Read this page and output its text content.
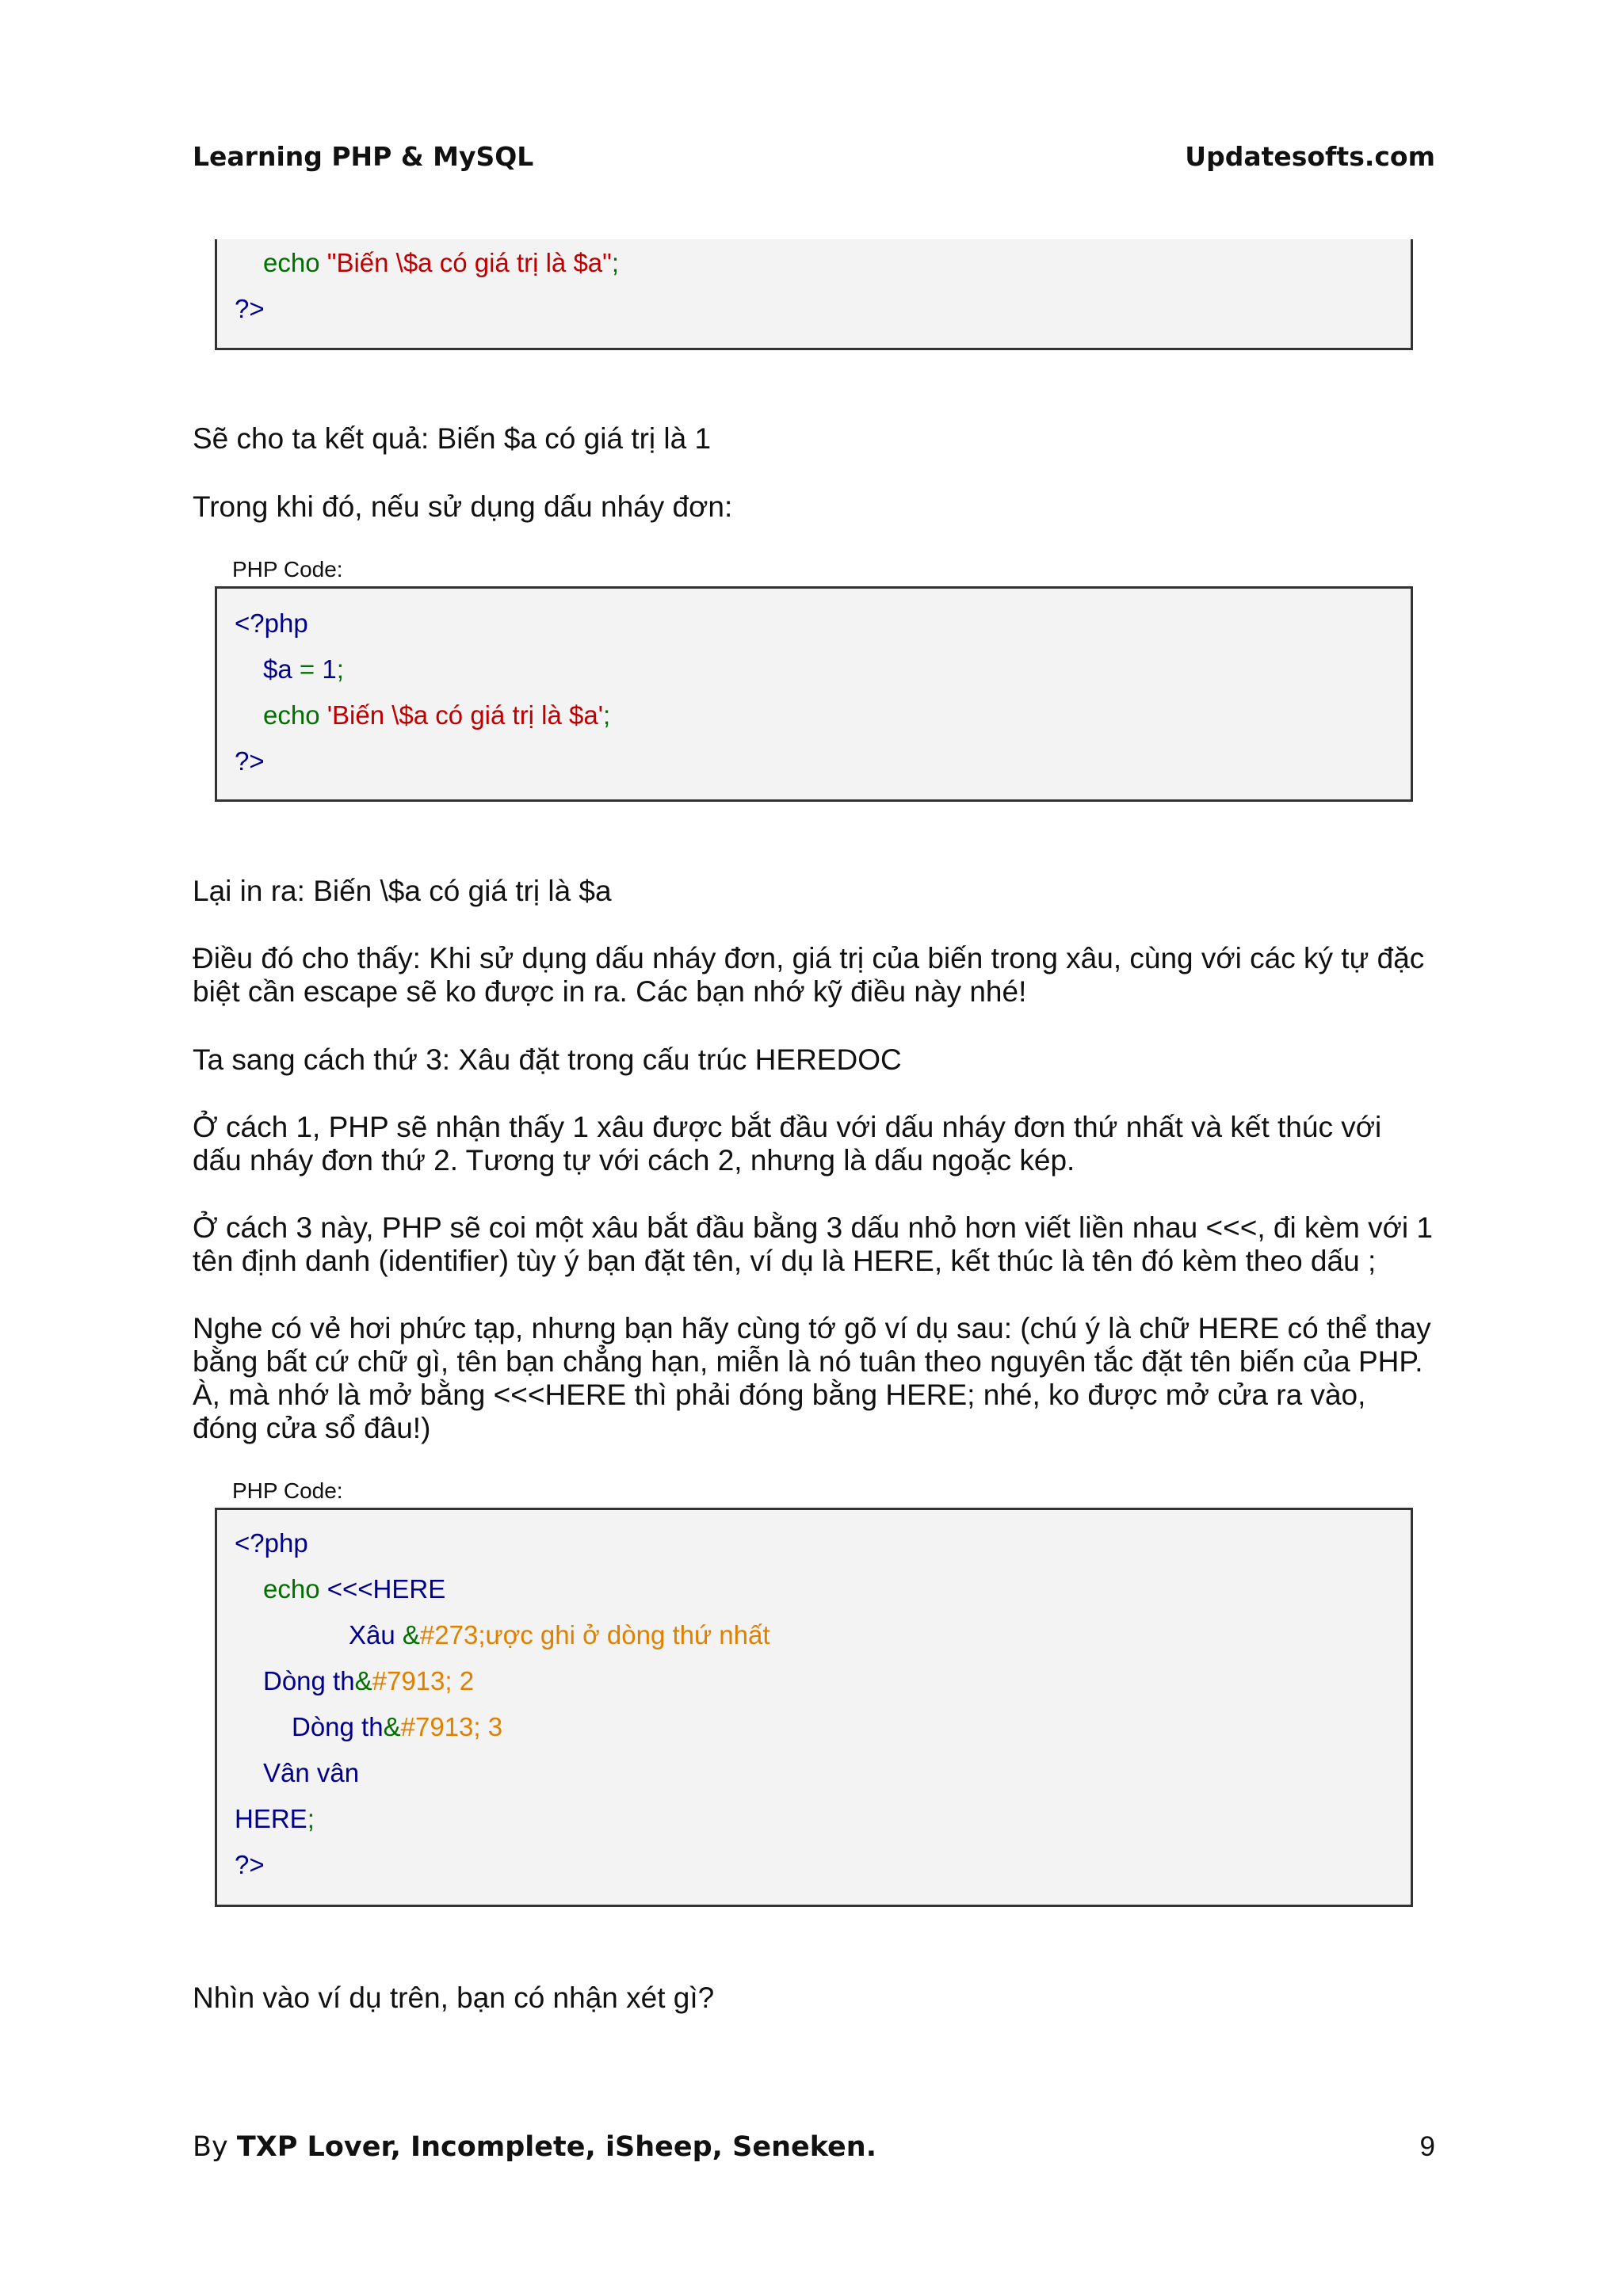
Learning PHP & MySQL	Updatesofts.com
echo "Biến \$a có giá trị là $a";
?>
Sẽ cho ta kết quả: Biến $a có giá trị là 1
Trong khi đó, nếu sử dụng dấu nháy đơn:
PHP Code:
<?php
$a = 1;
echo 'Biến \$a có giá trị là $a';
?>
Lại in ra: Biến \$a có giá trị là $a
Điều đó cho thấy: Khi sử dụng dấu nháy đơn, giá trị của biến trong xâu, cùng với các ký tự đặc biệt cần escape sẽ ko được in ra. Các bạn nhớ kỹ điều này nhé!
Ta sang cách thứ 3: Xâu đặt trong cấu trúc HEREDOC
Ở cách 1, PHP sẽ nhận thấy 1 xâu được bắt đầu với dấu nháy đơn thứ nhất và kết thúc với dấu nháy đơn thứ 2. Tương tự với cách 2, nhưng là dấu ngoặc kép.
Ở cách 3 này, PHP sẽ coi một xâu bắt đầu bằng 3 dấu nhỏ hơn viết liền nhau <<<, đi kèm với 1 tên định danh (identifier) tùy ý bạn đặt tên, ví dụ là HERE, kết thúc là tên đó kèm theo dấu ;
Nghe có vẻ hơi phức tạp, nhưng bạn hãy cùng tớ gõ ví dụ sau: (chú ý là chữ HERE có thể thay bằng bất cứ chữ gì, tên bạn chẳng hạn, miễn là nó tuân theo nguyên tắc đặt tên biến của PHP. À, mà nhớ là mở bằng <<<HERE thì phải đóng bằng HERE; nhé, ko được mở cửa ra vào, đóng cửa sổ đâu!)
PHP Code:
<?php
echo <<<HERE
Xâu &#273;ược ghi ở dòng thứ nhất
Dòng th&#7913; 2
Dòng th&#7913; 3
Vân vân
HERE;
?>
Nhìn vào ví dụ trên, bạn có nhận xét gì?
By TXP Lover, Incomplete, iSheep, Seneken.	9
